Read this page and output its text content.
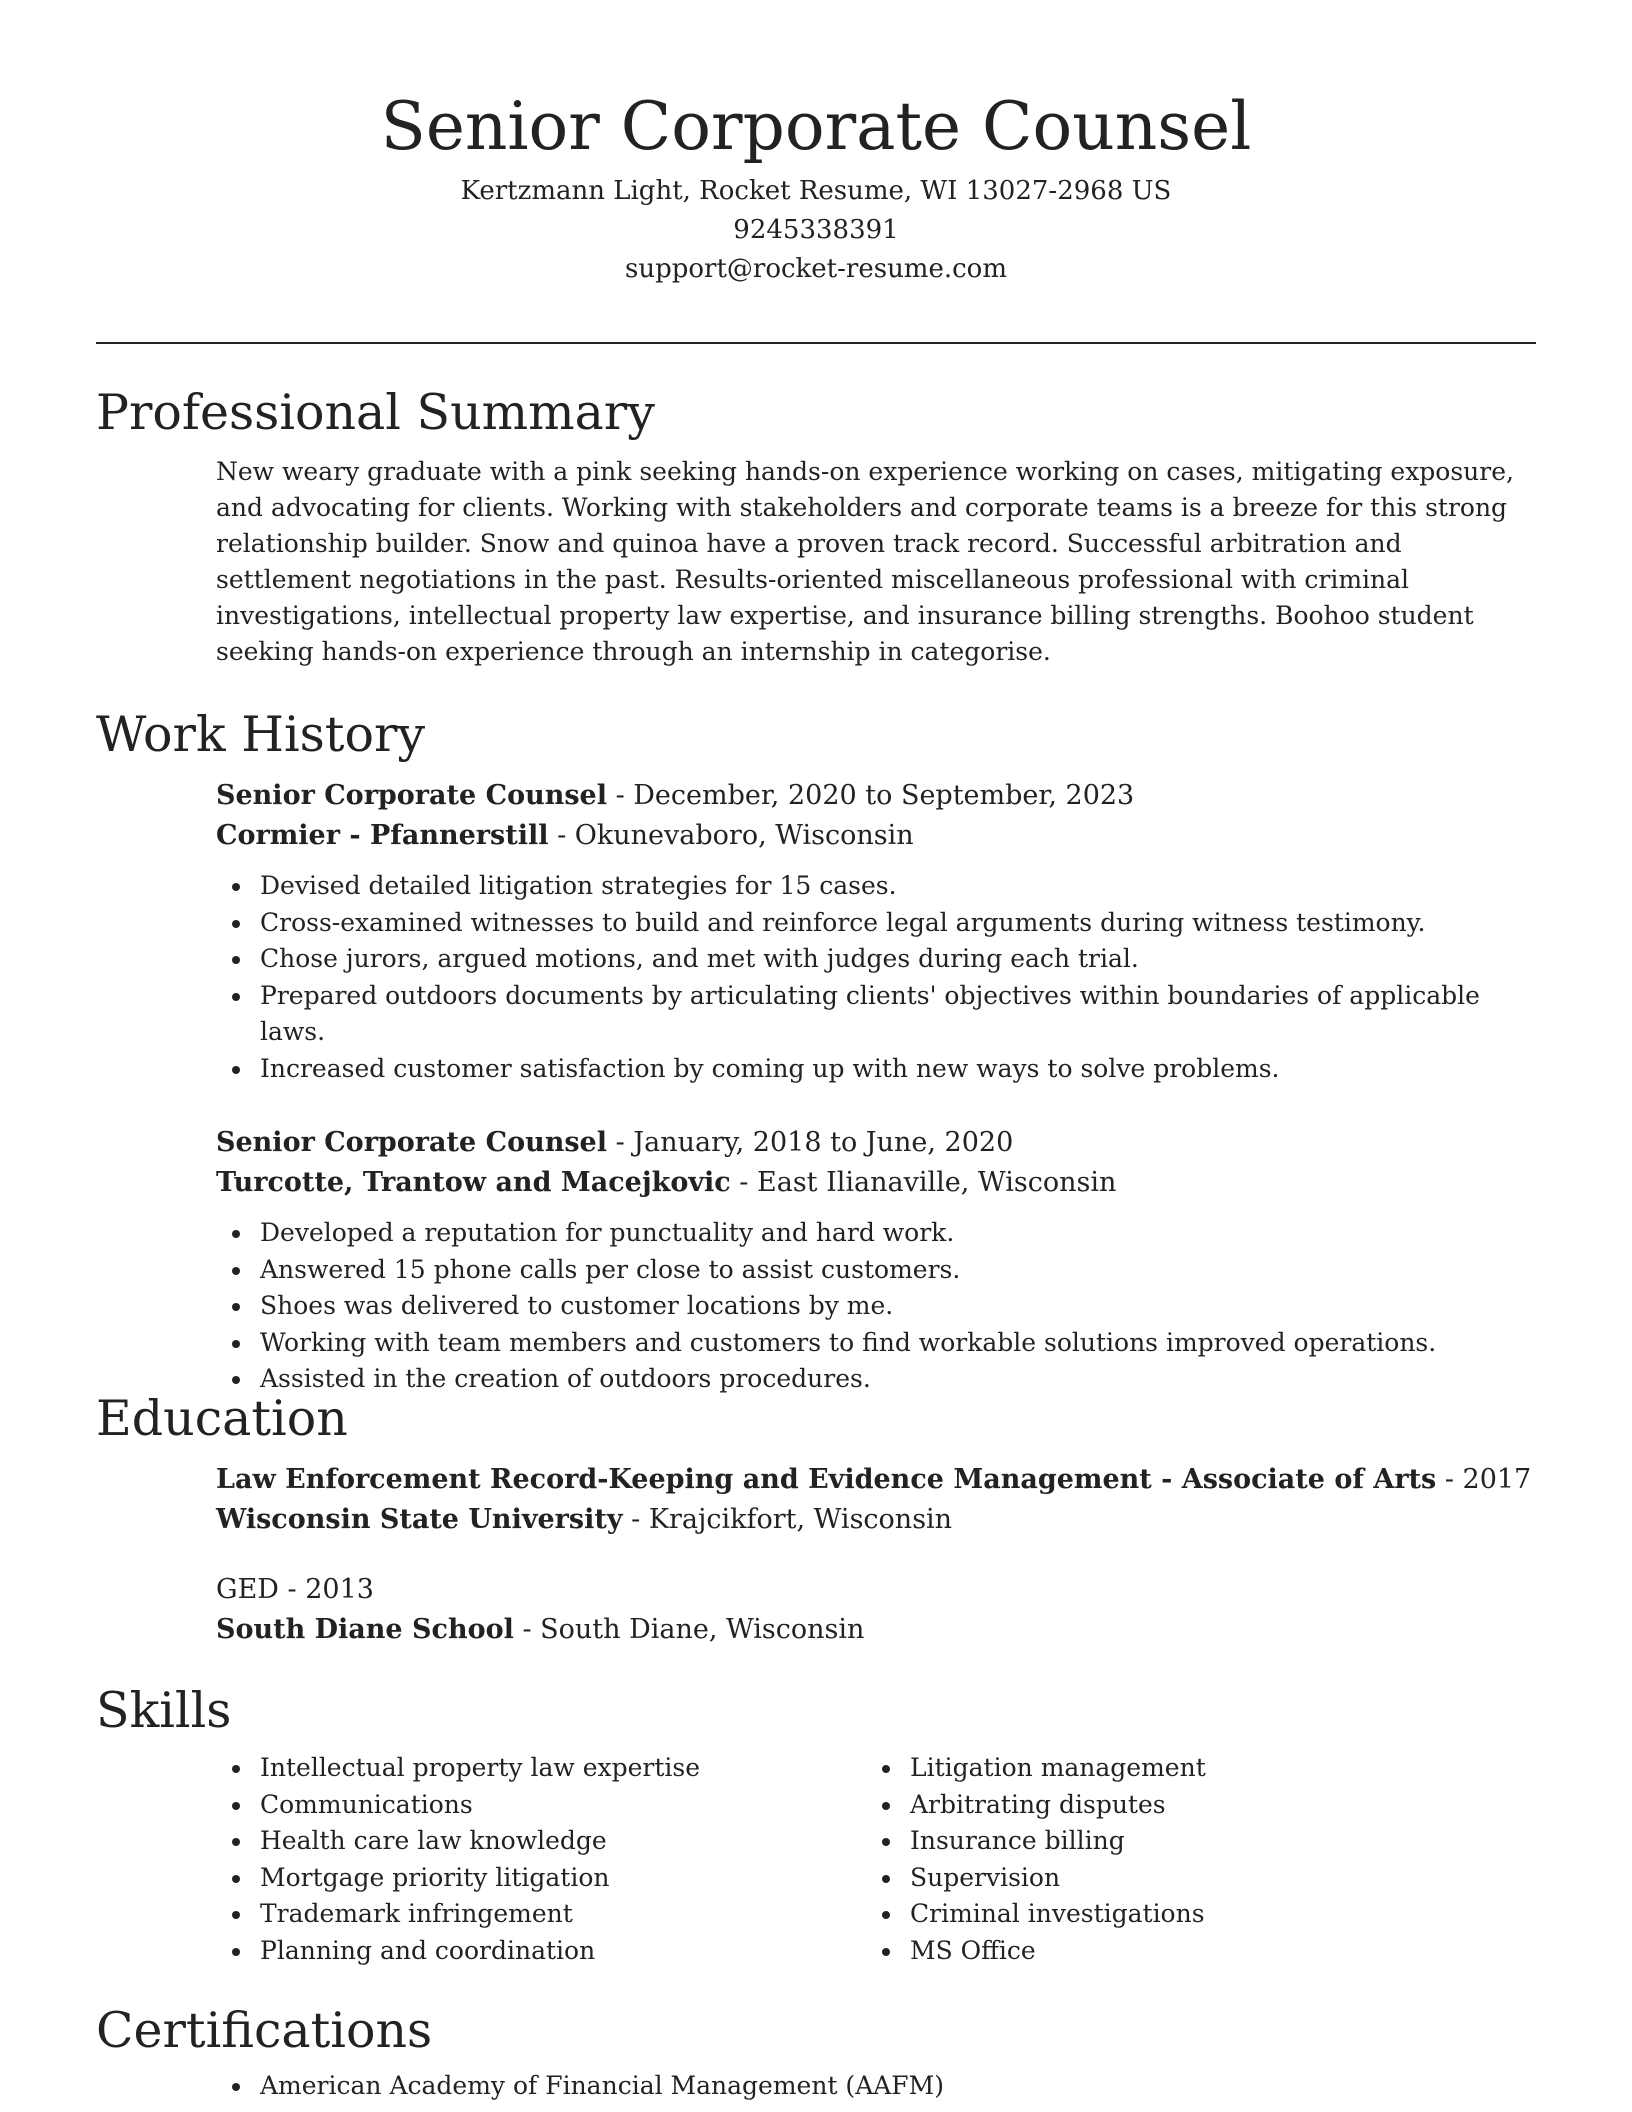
Senior Corporate Counsel
Kertzmann Light, Rocket Resume, WI 13027-2968 US
9245338391
support@rocket-resume.com
Professional Summary

New weary graduate with a pink seeking hands-on experience working on cases, mitigating exposure, and advocating for clients. Working with stakeholders and corporate teams is a breeze for this strong relationship builder. Snow and quinoa have a proven track record. Successful arbitration and settlement negotiations in the past. Results-oriented miscellaneous professional with criminal investigations, intellectual property law expertise, and insurance billing strengths. Boohoo student seeking hands-on experience through an internship in categorise.

Work History
Senior Corporate Counsel - December, 2020 to September, 2023
Cormier - Pfannerstill - Okunevaboro, Wisconsin
Devised detailed litigation strategies for 15 cases.
Cross-examined witnesses to build and reinforce legal arguments during witness testimony.
Chose jurors, argued motions, and met with judges during each trial.
Prepared outdoors documents by articulating clients' objectives within boundaries of applicable laws.
Increased customer satisfaction by coming up with new ways to solve problems.
Senior Corporate Counsel - January, 2018 to June, 2020
Turcotte, Trantow and Macejkovic - East Ilianaville, Wisconsin
Developed a reputation for punctuality and hard work.
Answered 15 phone calls per close to assist customers.
Shoes was delivered to customer locations by me.
Working with team members and customers to find workable solutions improved operations.
Assisted in the creation of outdoors procedures.
Education
Law Enforcement Record-Keeping and Evidence Management - Associate of Arts - 2017
Wisconsin State University - Krajcikfort, Wisconsin
GED - 2013
South Diane School - South Diane, Wisconsin
Skills
Intellectual property law expertise
Communications
Health care law knowledge
Mortgage priority litigation
Trademark infringement
Planning and coordination
Litigation management
Arbitrating disputes
Insurance billing
Supervision
Criminal investigations
MS Office
Certifications
American Academy of Financial Management (AAFM)
